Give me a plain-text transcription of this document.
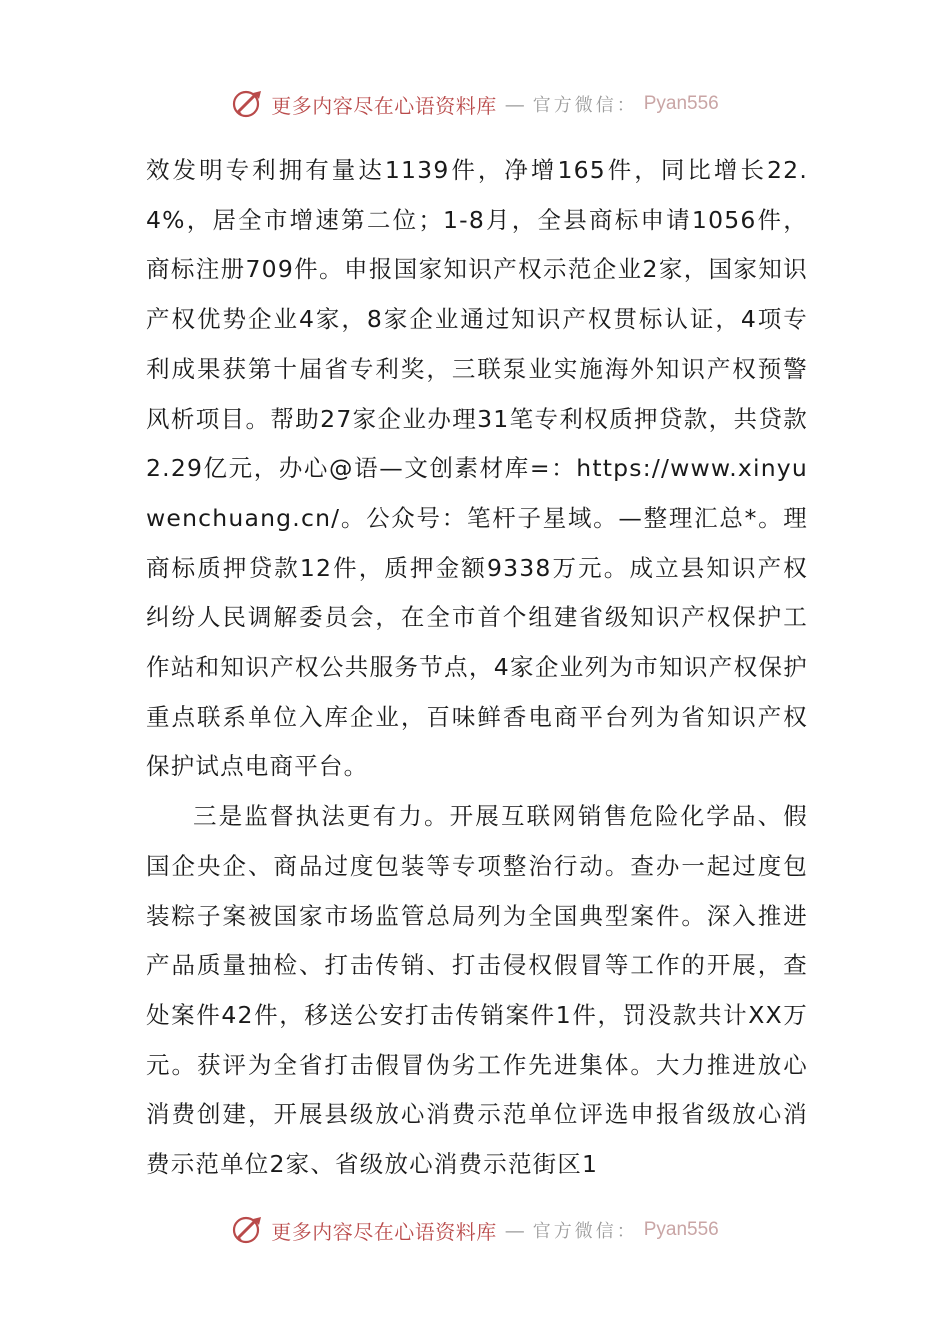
更多内容尽在心语资料库 — 官方微信： Pyan556

效发明专利拥有量达1139件，净增165件，同比增长22.4%，居全市增速第二位；1-8月，全县商标申请1056件，商标注册709件。申报国家知识产权示范企业2家，国家知识产权优势企业4家，8家企业通过知识产权贯标认证，4项专利成果获第十届省专利奖，三联泵业实施海外知识产权预警风析项目。帮助27家企业办理31笔专利权质押贷款，共贷款2.29亿元，办心@语—文创素材库=：https://www.xinyuwenchuang.cn/。公众号：笔杆子星域。—整理汇总*。理商标质押贷款12件，质押金额9338万元。成立县知识产权纠纷人民调解委员会，在全市首个组建省级知识产权保护工作站和知识产权公共服务节点，4家企业列为市知识产权保护重点联系单位入库企业，百味鲜香电商平台列为省知识产权保护试点电商平台。

三是监督执法更有力。开展互联网销售危险化学品、假国企央企、商品过度包装等专项整治行动。查办一起过度包装粽子案被国家市场监管总局列为全国典型案件。深入推进产品质量抽检、打击传销、打击侵权假冒等工作的开展，查处案件42件，移送公安打击传销案件1件，罚没款共计XX万元。获评为全省打击假冒伪劣工作先进集体。大力推进放心消费创建，开展县级放心消费示范单位评选申报省级放心消费示范单位2家、省级放心消费示范街区1

更多内容尽在心语资料库 — 官方微信： Pyan556
